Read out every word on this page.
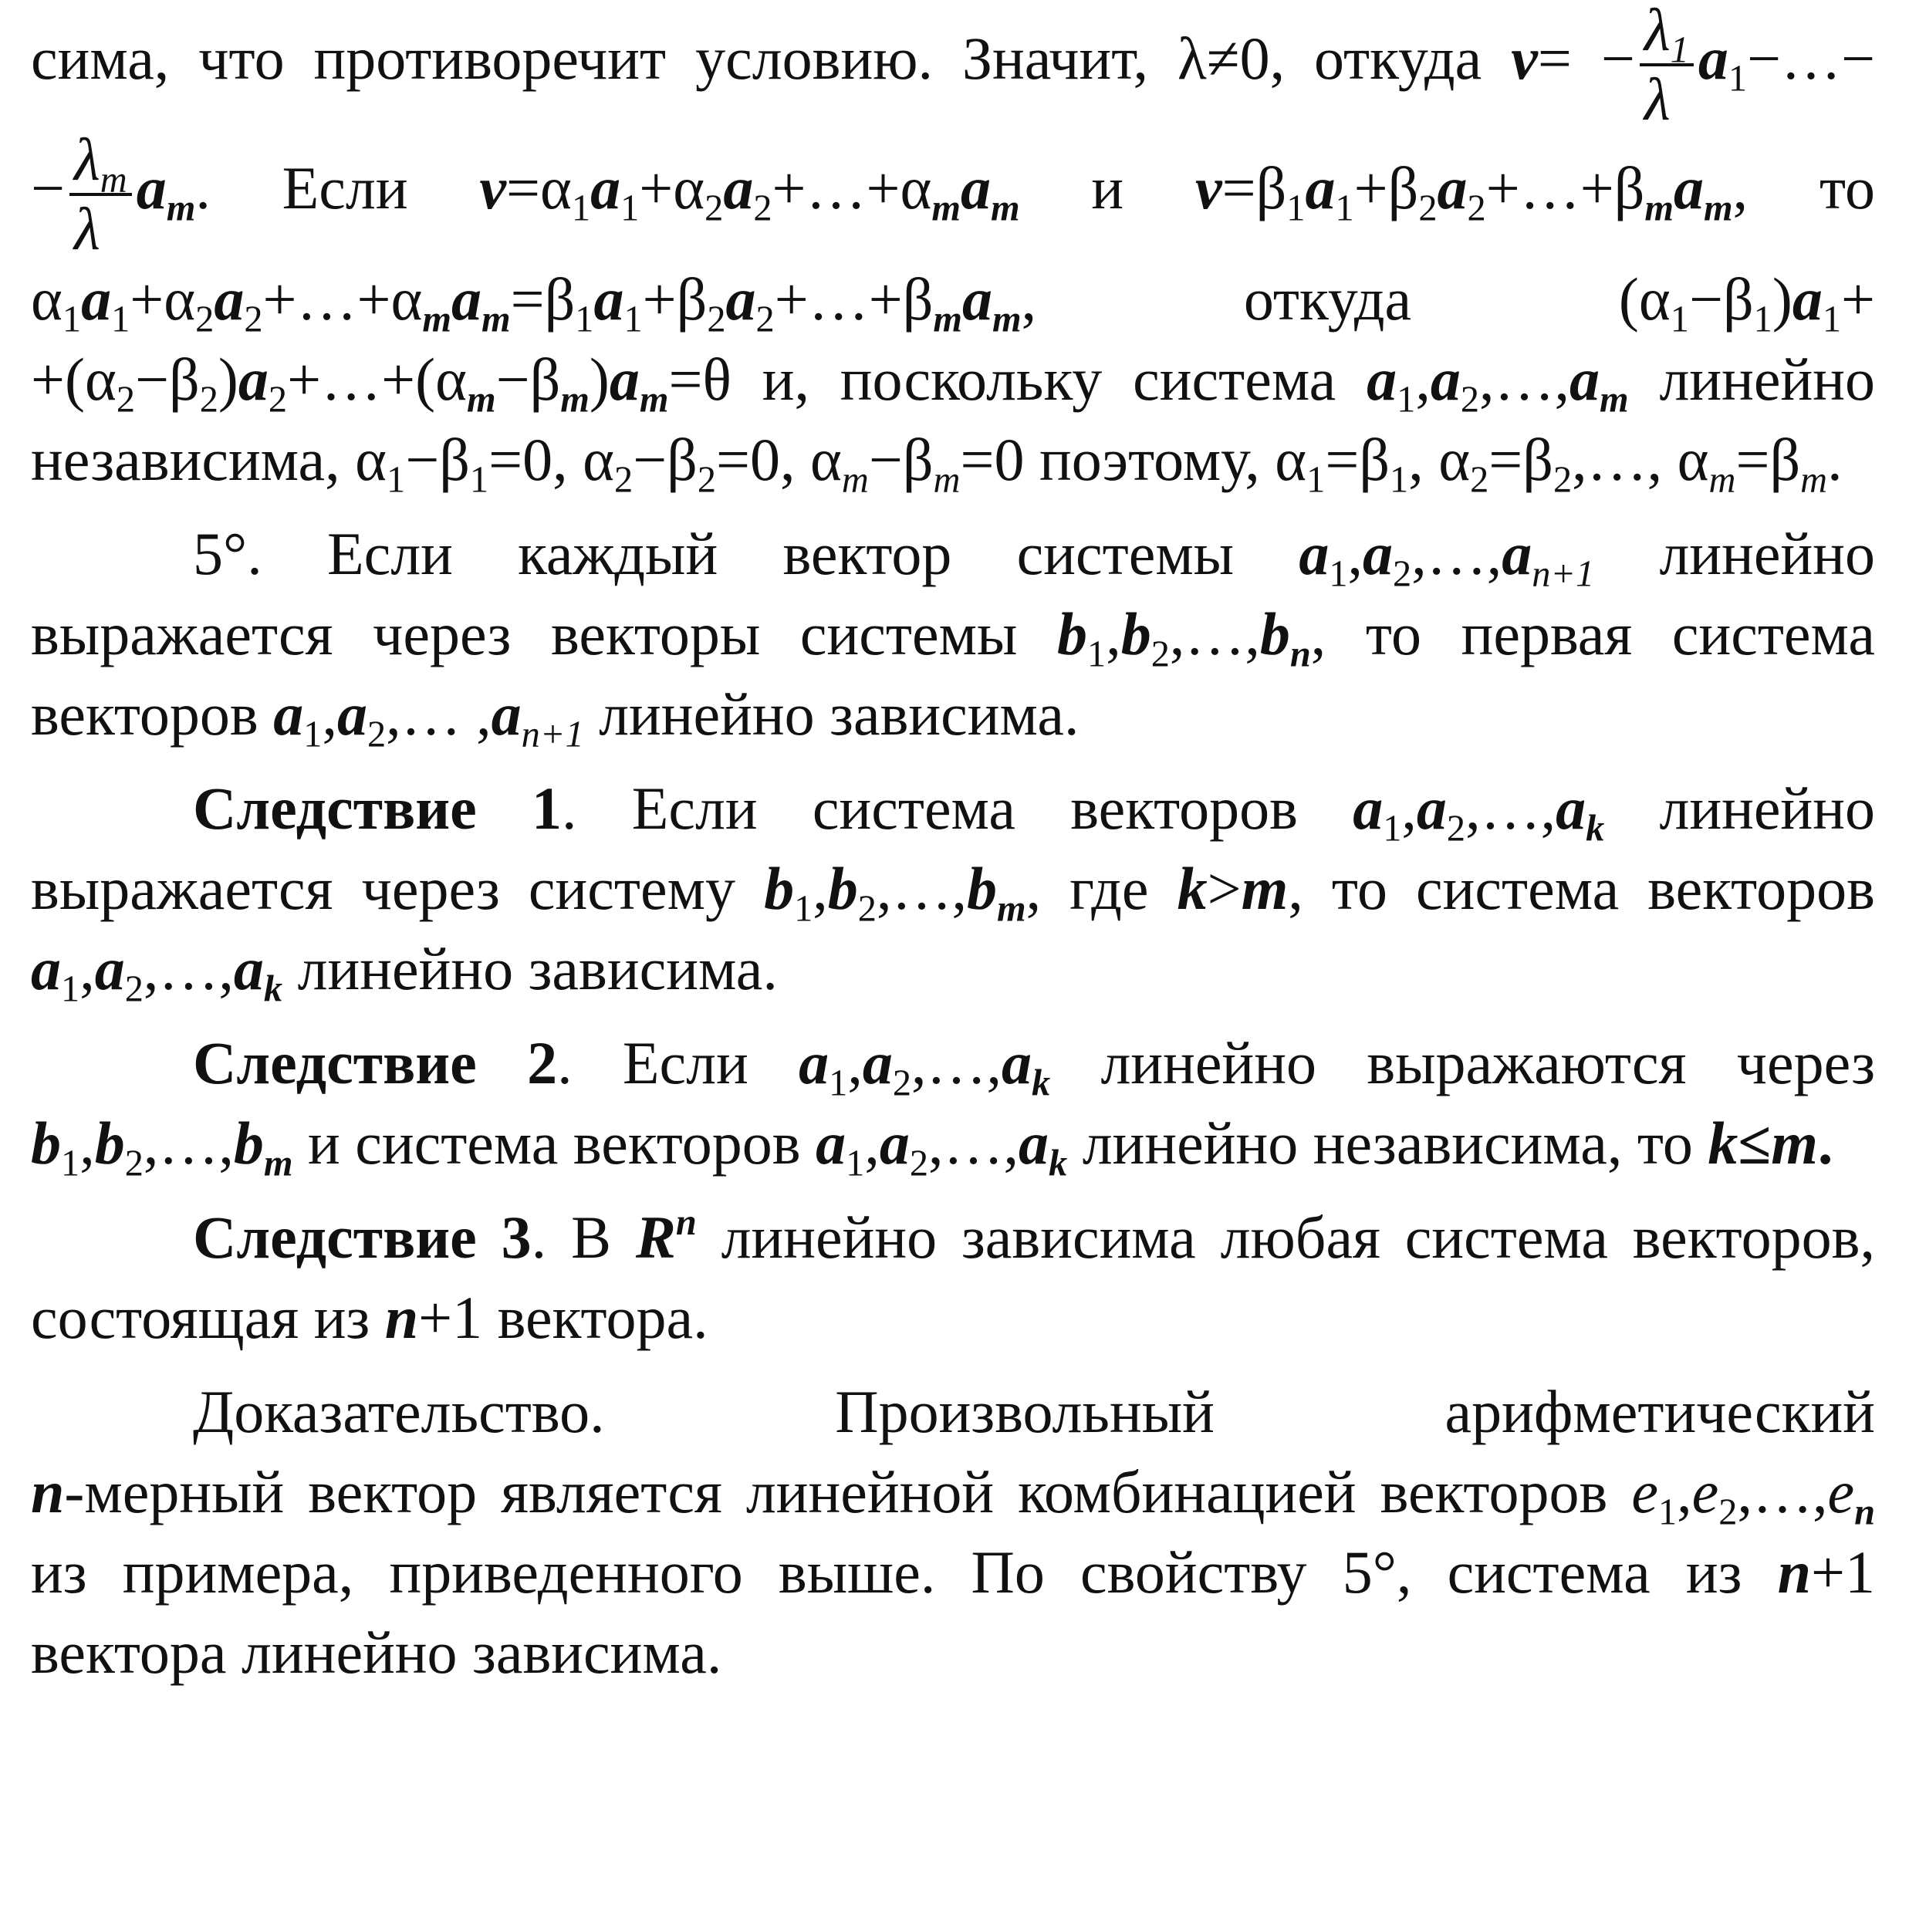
сима, что противоречит условию. Значит, λ≠0, откуда $v= - \frac{\lambda_1}{\lambda}$ $a_1-\dots- - \frac{\lambda_m}{\lambda} a_m$. Если $v=\alpha_1a_1+\alpha_2a_2+\dots+\alpha_ma_m$ и $v=\beta_1a_1+\beta_2a_2+\dots+\beta_ma_m$, то $\alpha_1a_1+\alpha_2a_2+\dots+\alpha_ma_m=\beta_1a_1+\beta_2a_2+\dots+\beta_ma_m$,	откуда	$(\alpha_1-\beta_1)a_1+$ $+(\alpha_2-\beta_2)a_2+\dots+(\alpha_m-\beta_m)a_m=\theta$ и, поскольку система $a_1,a_2,\dots,a_m$ линейно независима, $\alpha_1-\beta_1=0$, $\alpha_2-\beta_2=0$, $\alpha_m-\beta_m=0$ поэтому, $\alpha_1=\beta_1$, $\alpha_2=\beta_2,\dots$, $\alpha_m=\beta_m$.

5°. Если каждый вектор системы $a_1,a_2,\dots,a_{n+1}$ линейно выражается через векторы системы $b_1,b_2,\dots,b_n$, то первая система векторов $a_1,a_2,\dots$ $,a_{n+1}$ линейно зависима.

Следствие 1. Если система векторов $a_1,a_2,\dots,a_k$ линейно выражается через систему $b_1,b_2,\dots,b_m$, где k>m, то система векторов $a_1,a_2,\dots,a_k$ линейно зависима.

Следствие 2. Если $a_1,a_2,\dots,a_k$ линейно выражаются через $b_1,b_2,\dots,b_m$ и система векторов $a_1,a_2,\dots,a_k$ линейно независима, то k≤m.

Следствие 3. В $R^n$ линейно зависима любая система векторов, состоящая из n+1 вектора.

Доказательство. Произвольный арифметический n-мерный вектор является линейной комбинацией векторов $e_1,e_2,\dots,e_n$ из примера, приведенного выше. По свойству 5°, система из n+1 вектора линейно зависима.
